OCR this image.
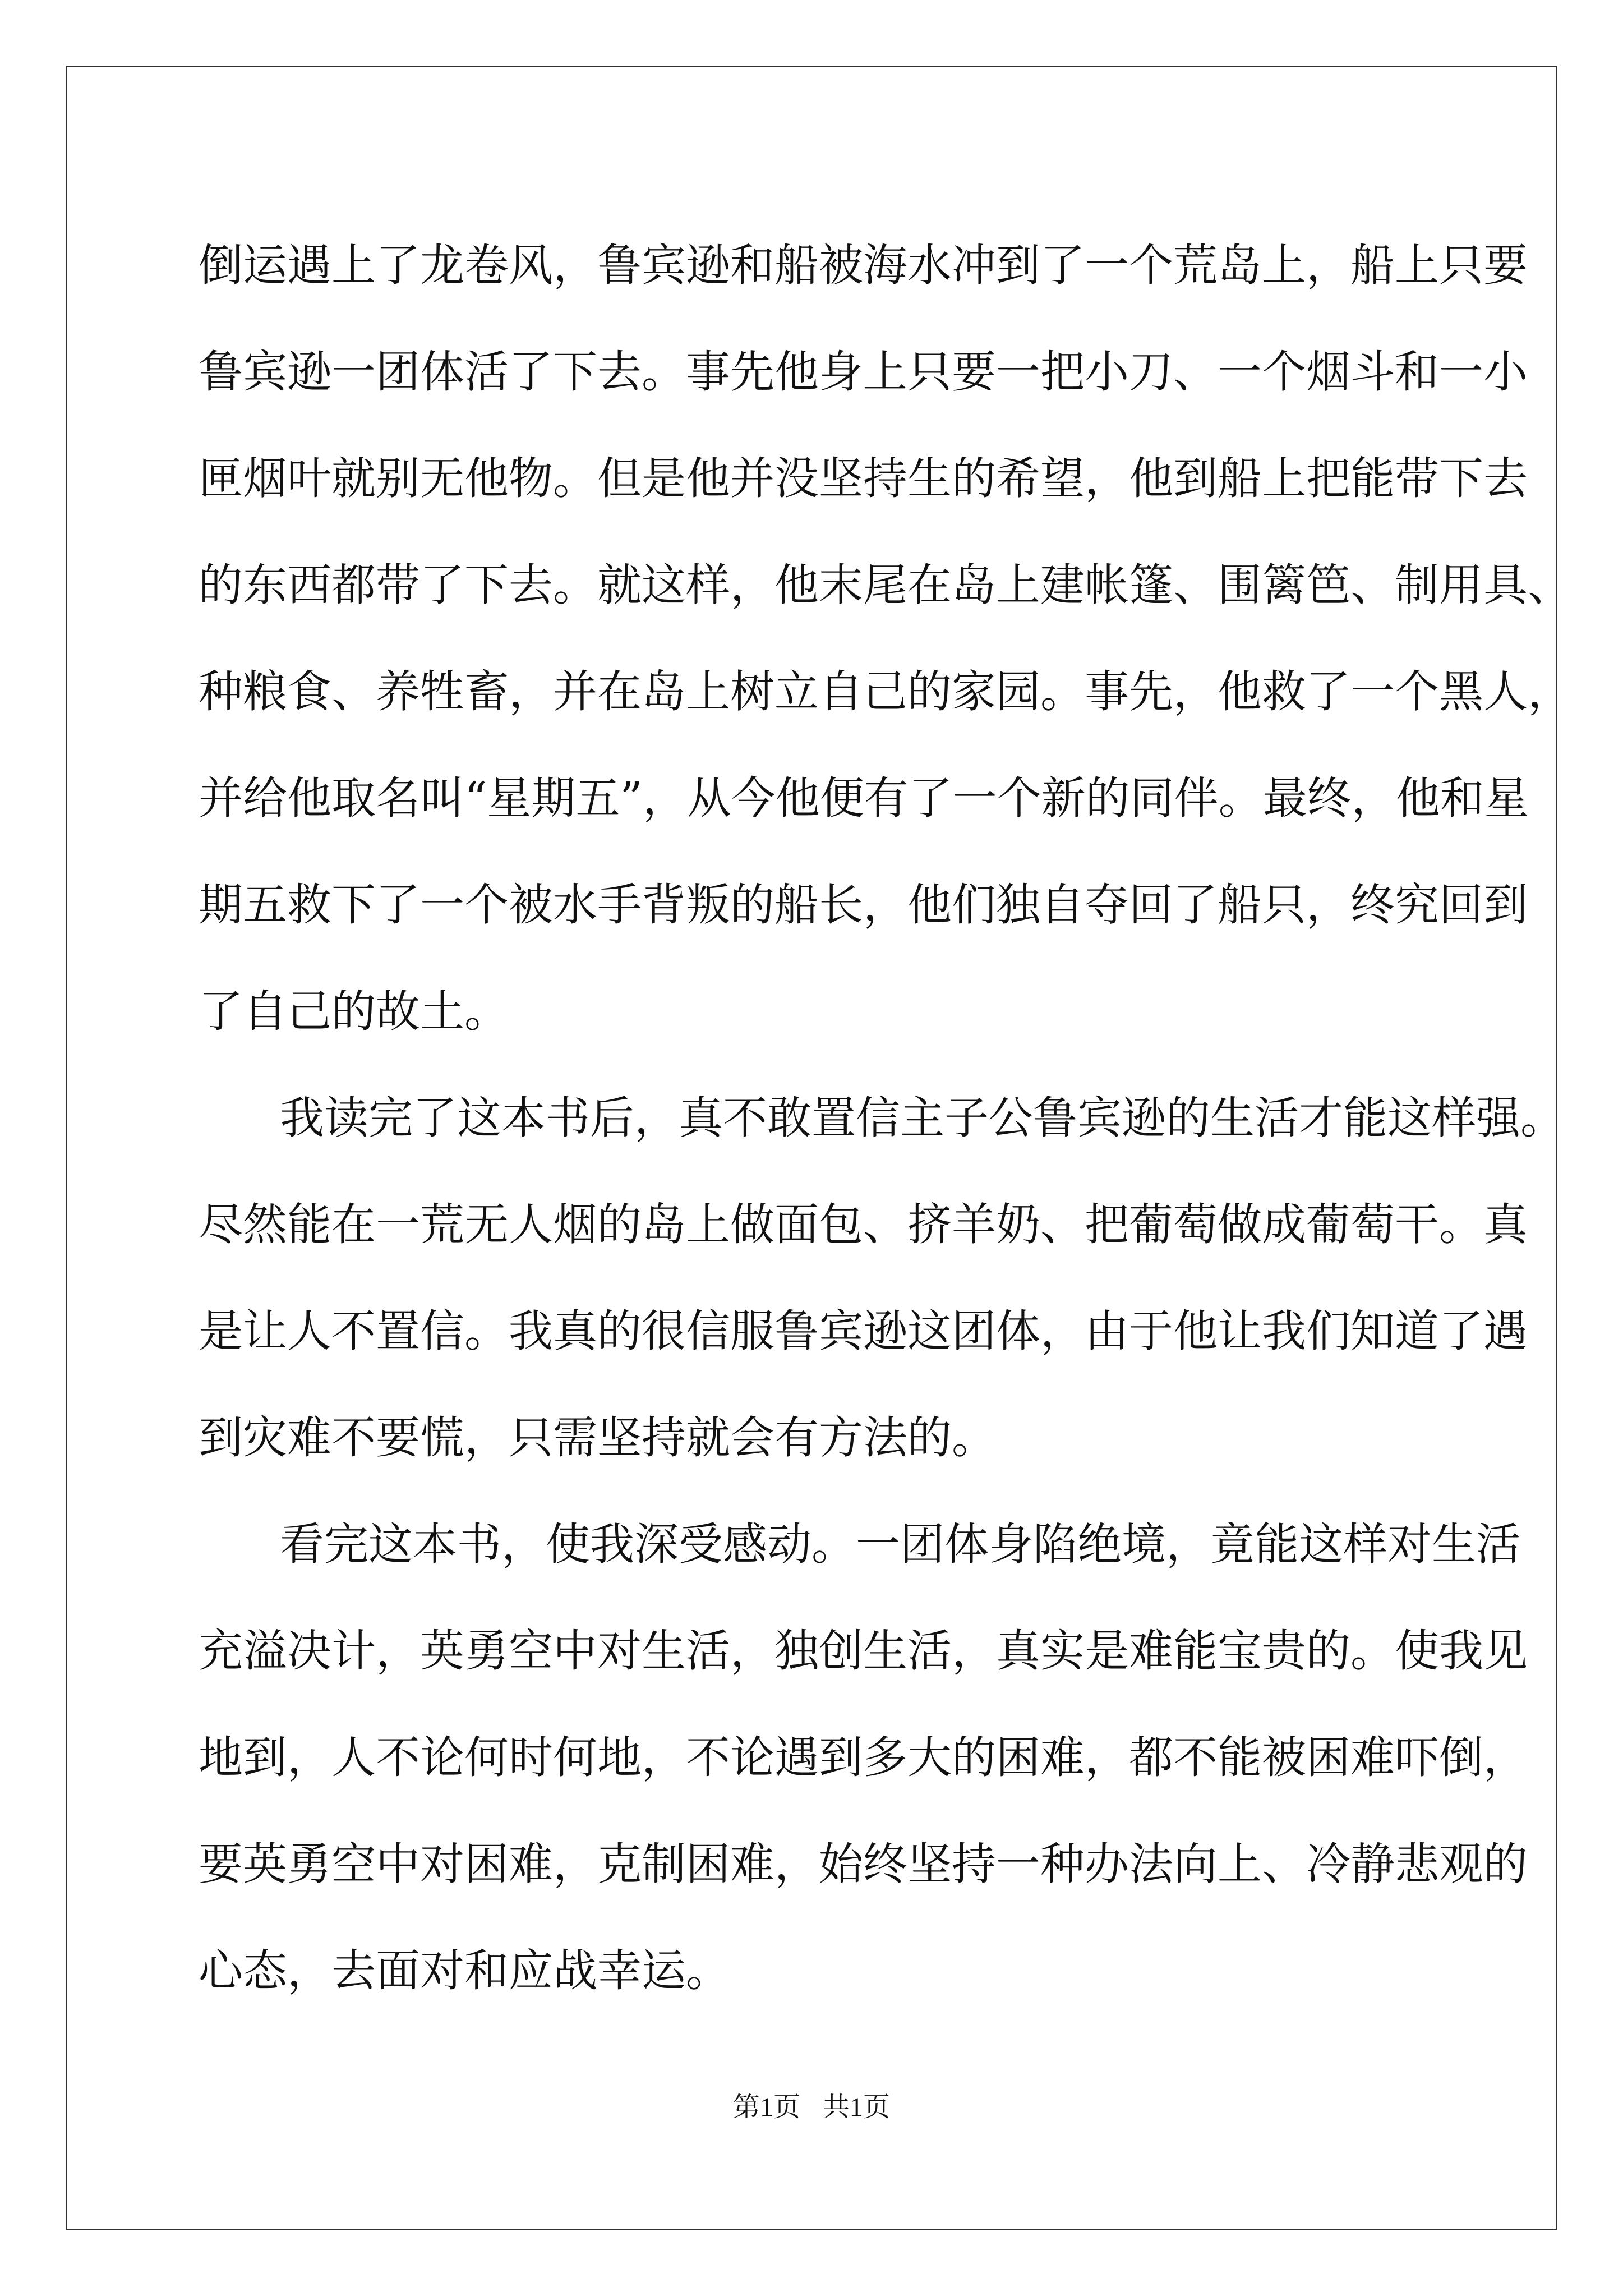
倒运遇上了龙卷风，鲁宾逊和船被海水冲到了一个荒岛上，船上只要
鲁宾逊一团体活了下去。事先他身上只要一把小刀、一个烟斗和一小
匣烟叶就别无他物。但是他并没坚持生的希望，他到船上把能带下去
的东西都带了下去。就这样，他末尾在岛上建帐篷、围篱笆、制用具、
种粮食、养牲畜，并在岛上树立自己的家园。事先，他救了一个黑人，
并给他取名叫“星期五”，从今他便有了一个新的同伴。最终，他和星
期五救下了一个被水手背叛的船长，他们独自夺回了船只，终究回到
了自己的故土。
我读完了这本书后，真不敢置信主子公鲁宾逊的生活才能这样强。
尽然能在一荒无人烟的岛上做面包、挤羊奶、把葡萄做成葡萄干。真
是让人不置信。我真的很信服鲁宾逊这团体，由于他让我们知道了遇
到灾难不要慌，只需坚持就会有方法的。
看完这本书，使我深受感动。一团体身陷绝境，竟能这样对生活
充溢决计，英勇空中对生活，独创生活，真实是难能宝贵的。使我见
地到，人不论何时何地，不论遇到多大的困难，都不能被困难吓倒，
要英勇空中对困难，克制困难，始终坚持一种办法向上、冷静悲观的
心态，去面对和应战幸运。
第1页 共1页
